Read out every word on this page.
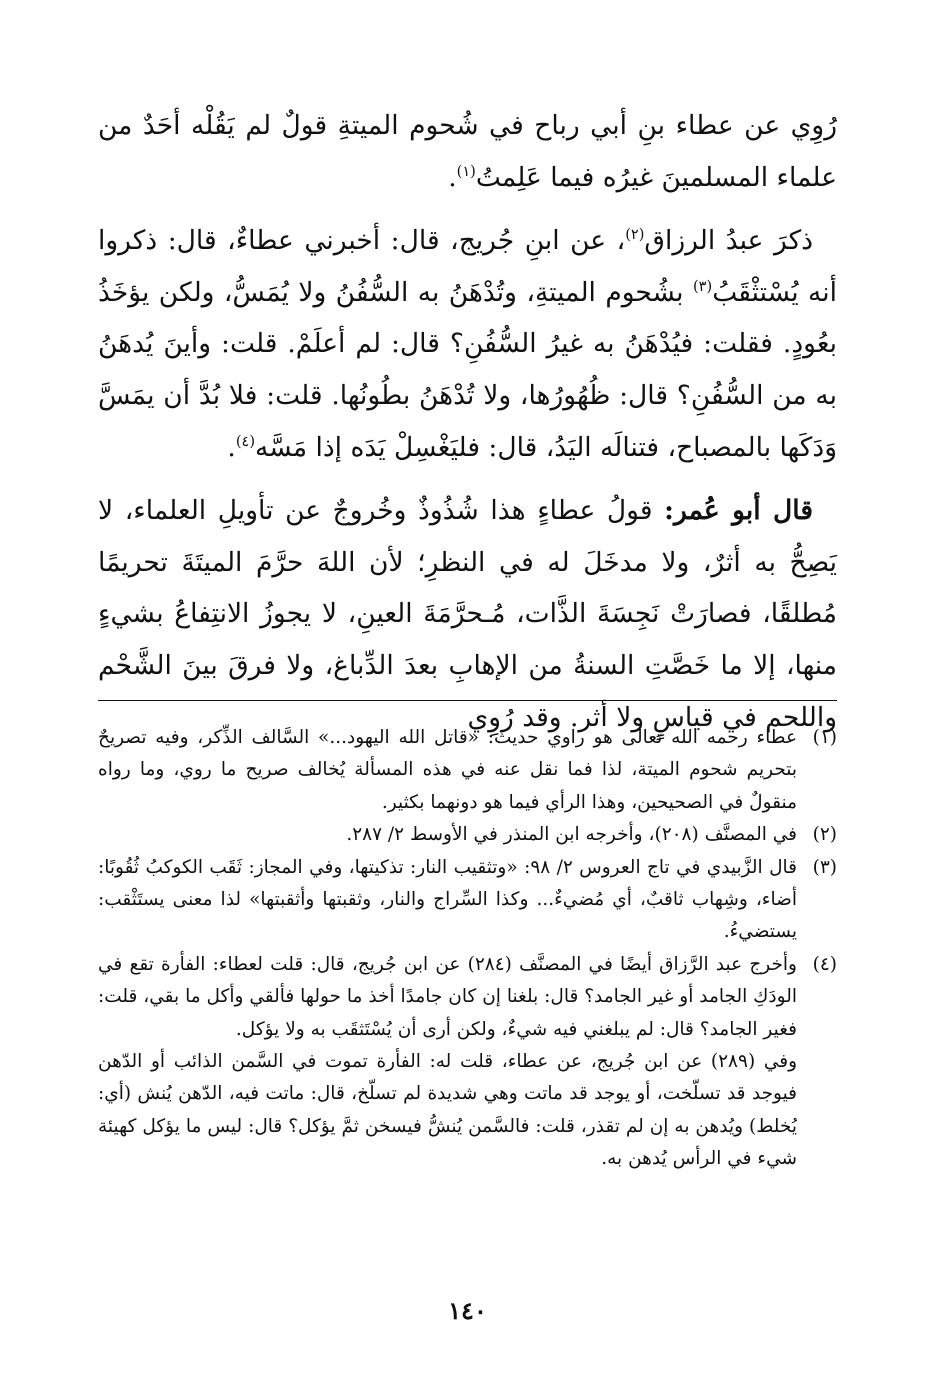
رُوِي عن عطاء بنِ أبي رباح في شُحوم الميتةِ قولٌ لم يَقُلْه أحَدٌ من علماء المسلمينَ غيرُه فيما عَلِمتُ$^{(١)}$.

ذكرَ عبدُ الرزاق$^{(٢)}$، عن ابنِ جُريج، قال: أخبرني عطاءٌ، قال: ذكروا أنه يُسْتثْقَبُ$^{(٣)}$ بشُحوم الميتةِ، وتُدْهَنُ به السُّفُنُ ولا يُمَسُّ، ولكن يؤخَذُ بعُودٍ. فقلت: فيُدْهَنُ به غيرُ السُّفُنِ؟ قال: لم أعلَمْ. قلت: وأينَ يُدهَنُ به من السُّفُنِ؟ قال: ظُهُورُها، ولا تُدْهَنُ بطُونُها. قلت: فلا بُدَّ أن يمَسَّ وَدَكَها بالمصباح، فتنالَه اليَدُ، قال: فليَغْسِلْ يَدَه إذا مَسَّه$^{(٤)}$.

قال أبو عُمر: قولُ عطاءٍ هذا شُذُوذٌ وخُروجٌ عن تأويلِ العلماء، لا يَصِحُّ به أثرٌ، ولا مدخَلَ له في النظرِ؛ لأن اللهَ حرَّمَ الميتَةَ تحريمًا مُطلقًا، فصارَتْ نَجِسَةَ الذَّات، مُـحرَّمَةَ العينِ، لا يجوزُ الانتِفاعُ بشيءٍ منها، إلا ما خَصَّتِ السنةُ من الإهابِ بعدَ الدِّباغ، ولا فرقَ بينَ الشَّحْم واللحم في قياسٍ ولا أثر. وقد رُوِي

(١)
عطاء رحمه الله تعالى هو راوي حديث: «قاتل الله اليهود...» السَّالف الذِّكر، وفيه تصريحٌ بتحريم شحوم الميتة، لذا فما نقل عنه في هذه المسألة يُخالف صريح ما روي، وما رواه منقولٌ في الصحيحين، وهذا الرأي فيما هو دونهما بكثير.

(٢)
في المصنَّف (٢٠٨)، وأخرجه ابن المنذر في الأوسط ٢/ ٢٨٧.

(٣)
قال الزَّبيدي في تاج العروس ٢/ ٩٨: «وتثقيب النار: تذكيتها، وفي المجاز: ثَقَب الكوكبُ ثُقُوبًا: أضاء، وشِهاب ثاقبٌ، أي مُضيءٌ... وكذا السِّراج والنار، وثقبتها وأثقبتها» لذا معنى يستَثْقب: يستضيءُ.

(٤)
وأخرج عبد الرَّزاق أيضًا في المصنَّف (٢٨٤) عن ابن جُريج، قال: قلت لعطاء: الفأرة تقع في الودَكِ الجامد أو غير الجامد؟ قال: بلغنا إن كان جامدًا أخذ ما حولها فألقي وأكل ما بقي، قلت: فغير الجامد؟ قال: لم يبلغني فيه شيءٌ، ولكن أرى أن يُسْتَثقَب به ولا يؤكل.

وفي (٢٨٩) عن ابن جُريج، عن عطاء، قلت له: الفأرة تموت في السَّمن الذائب أو الدّهن فيوجد قد تسلّخت، أو يوجد قد ماتت وهي شديدة لم تسلّخ، قال: ماتت فيه، الدّهن يُنش (أي: يُخلط) ويُدهن به إن لم تقذر، قلت: فالسَّمن يُنشُّ فيسخن ثمَّ يؤكل؟ قال: ليس ما يؤكل كهيئة شيء في الرأس يُدهن به.

١٤٠
